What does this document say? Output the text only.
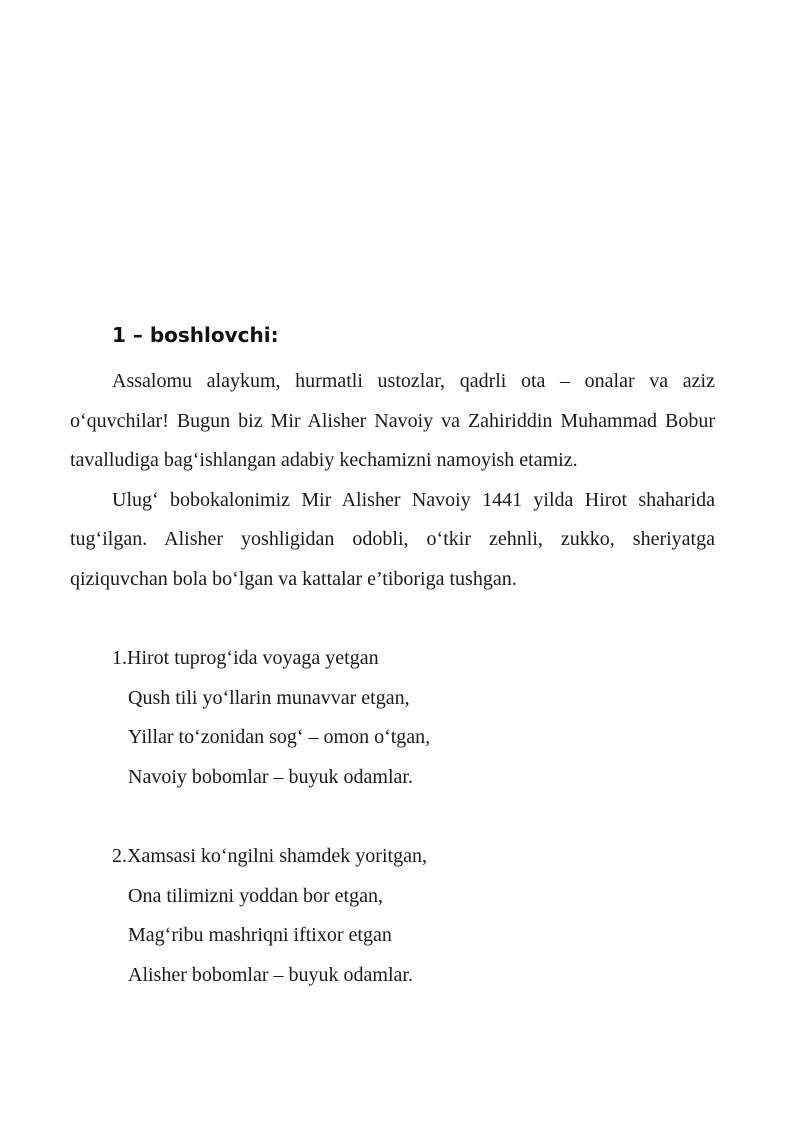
1 – boshlovchi:

Assalomu alaykum, hurmatli ustozlar, qadrli ota – onalar va aziz o‘quvchilar! Bugun biz Mir Alisher Navoiy va Zahiriddin Muhammad Bobur tavalludiga bag‘ishlangan adabiy kechamizni namoyish etamiz.

Ulug‘ bobokalonimiz Mir Alisher Navoiy 1441 yilda Hirot shaharida tug‘ilgan. Alisher yoshligidan odobli, o‘tkir zehnli, zukko, sheriyatga qiziquvchan bola bo‘lgan va kattalar e’tiboriga tushgan.

1.Hirot tuprog‘ida voyaga yetgan
Qush tili yo‘llarin munavvar etgan,
Yillar to‘zonidan sog‘ – omon o‘tgan,
Navoiy bobomlar – buyuk odamlar.
2.Xamsasi ko‘ngilni shamdek yoritgan,
Ona tilimizni yoddan bor etgan,
Mag‘ribu mashriqni iftixor etgan
Alisher bobomlar – buyuk odamlar.
